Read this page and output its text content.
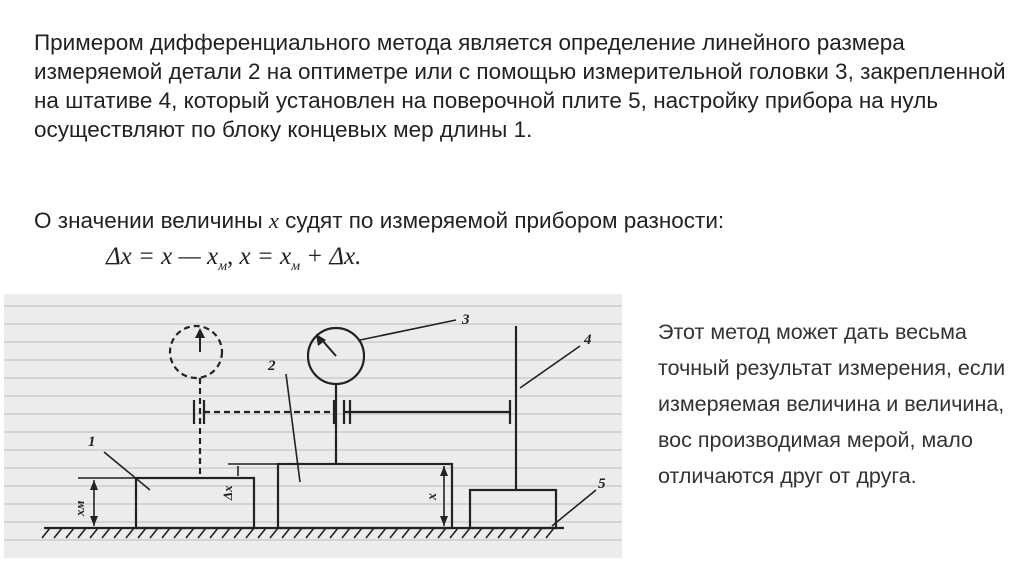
Примером дифференциального метода является определение линейного размера измеряемой детали 2 на оптиметре или с помощью измерительной головки 3, закрепленной на штативе 4, который установлен на поверочной плите 5, настройку прибора на нуль осуществляют по блоку концевых мер длины 1.

О значении величины x судят по измеряемой прибором разности:

Δx = x — $x_м$, $x = x_м + \Delta x$.
1
2
3
4
5
xм
Δx	x

Этот метод может дать весьма точный результат измерения, если измеряемая величина и величина, вос производимая мерой, мало отличаются друг от друга.
